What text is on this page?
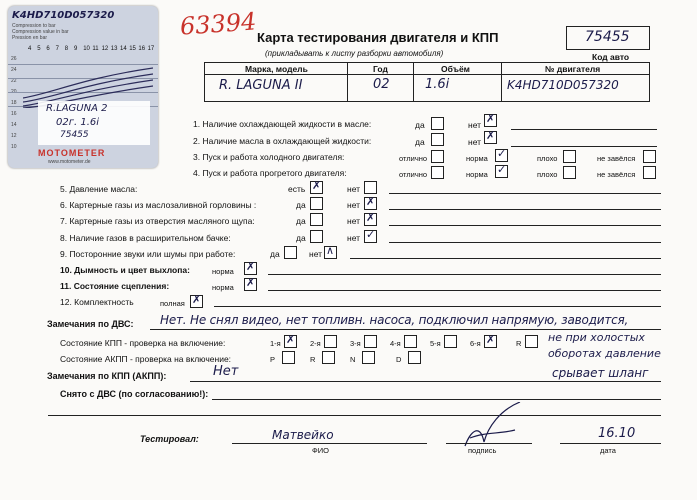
K4HD710D057320
Compression to bar
Compression value in bar
Pression en bar
4 5 6 7 8 9 10 11 12 13 14 15 16 17
26
24
22
20
18
16
14
12
10
R.LAGUNA 2
02г. 1.6i
75455
MOTOMETER
www.motometer.de
63394 Карта тестирования двигателя и КПП
(прикладывать к листу разборки автомобиля)
75455
Код авто
Марка, модель	Год	Объём	№ двигателя
R. LAGUNA II	02	1.6i	K4HD710D057320
1. Наличие охлаждающей жидкости в масле:	да	нет ✗
2. Наличие масла в охлаждающей жидкости:	да	нет ✗
3. Пуск и работа холодного двигателя:	отлично	норма ✓	плохо	не завёлся
4. Пуск и работа прогретого двигателя:	отлично	норма ✓	плохо	не завёлся
5. Давление масла:	есть ✗	нет
6. Картерные газы из маслозаливной горловины :	да	нет ✗
7. Картерные газы из отверстия масляного щупа:	да	нет ✗
8. Наличие газов в расширительном бачке:	да	нет ✓
9. Посторонние звуки или шумы при работе:	да	нет ∧
10. Дымность и цвет выхлопа:	норма ✗
11. Состояние сцепления:	норма ✗
12. Комплектность	полная ✗
Замечания по ДВС: Нет. Не снял видео, нет топливн. насоса, подключил напрямую, заводится,
Состояние КПП - проверка на включение:	1-я ✗ 2-я	3-я	4-я	5-я	6-я ✗	R не при холостых
Состояние АКПП - проверка на включение:	P	R	N	D	оборотах давление
Замечания по КПП (АКПП):	Нет	срывает шланг
Снято с ДВС (по согласованию!):
Тестировал:	Матвейко
ФИО	подпись
16.10
дата
